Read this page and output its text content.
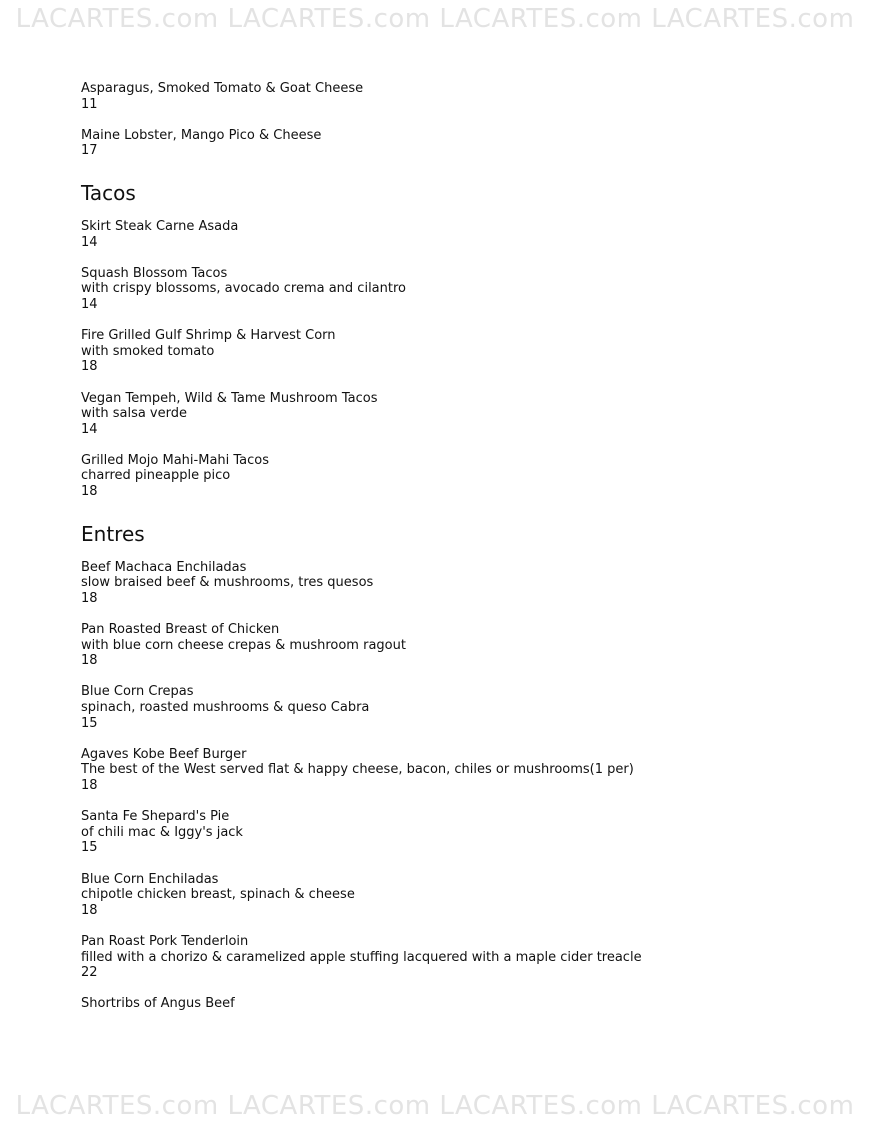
LACARTES.com LACARTES.com LACARTES.com LACARTES.com
Asparagus, Smoked Tomato & Goat Cheese
11
Maine Lobster, Mango Pico & Cheese
17
Tacos
Skirt Steak Carne Asada
14
Squash Blossom Tacos
with crispy blossoms, avocado crema and cilantro
14
Fire Grilled Gulf Shrimp & Harvest Corn
with smoked tomato
18
Vegan Tempeh, Wild & Tame Mushroom Tacos
with salsa verde
14
Grilled Mojo Mahi-Mahi Tacos
charred pineapple pico
18
Entres
Beef Machaca Enchiladas
slow braised beef & mushrooms, tres quesos
18
Pan Roasted Breast of Chicken
with blue corn cheese crepas & mushroom ragout
18
Blue Corn Crepas
spinach, roasted mushrooms & queso Cabra
15
Agaves Kobe Beef Burger
The best of the West served flat & happy cheese, bacon, chiles or mushrooms(1 per)
18
Santa Fe Shepard's Pie
of chili mac & Iggy's jack
15
Blue Corn Enchiladas
chipotle chicken breast, spinach & cheese
18
Pan Roast Pork Tenderloin
filled with a chorizo & caramelized apple stuffing lacquered with a maple cider treacle
22
Shortribs of Angus Beef
LACARTES.com LACARTES.com LACARTES.com LACARTES.com
